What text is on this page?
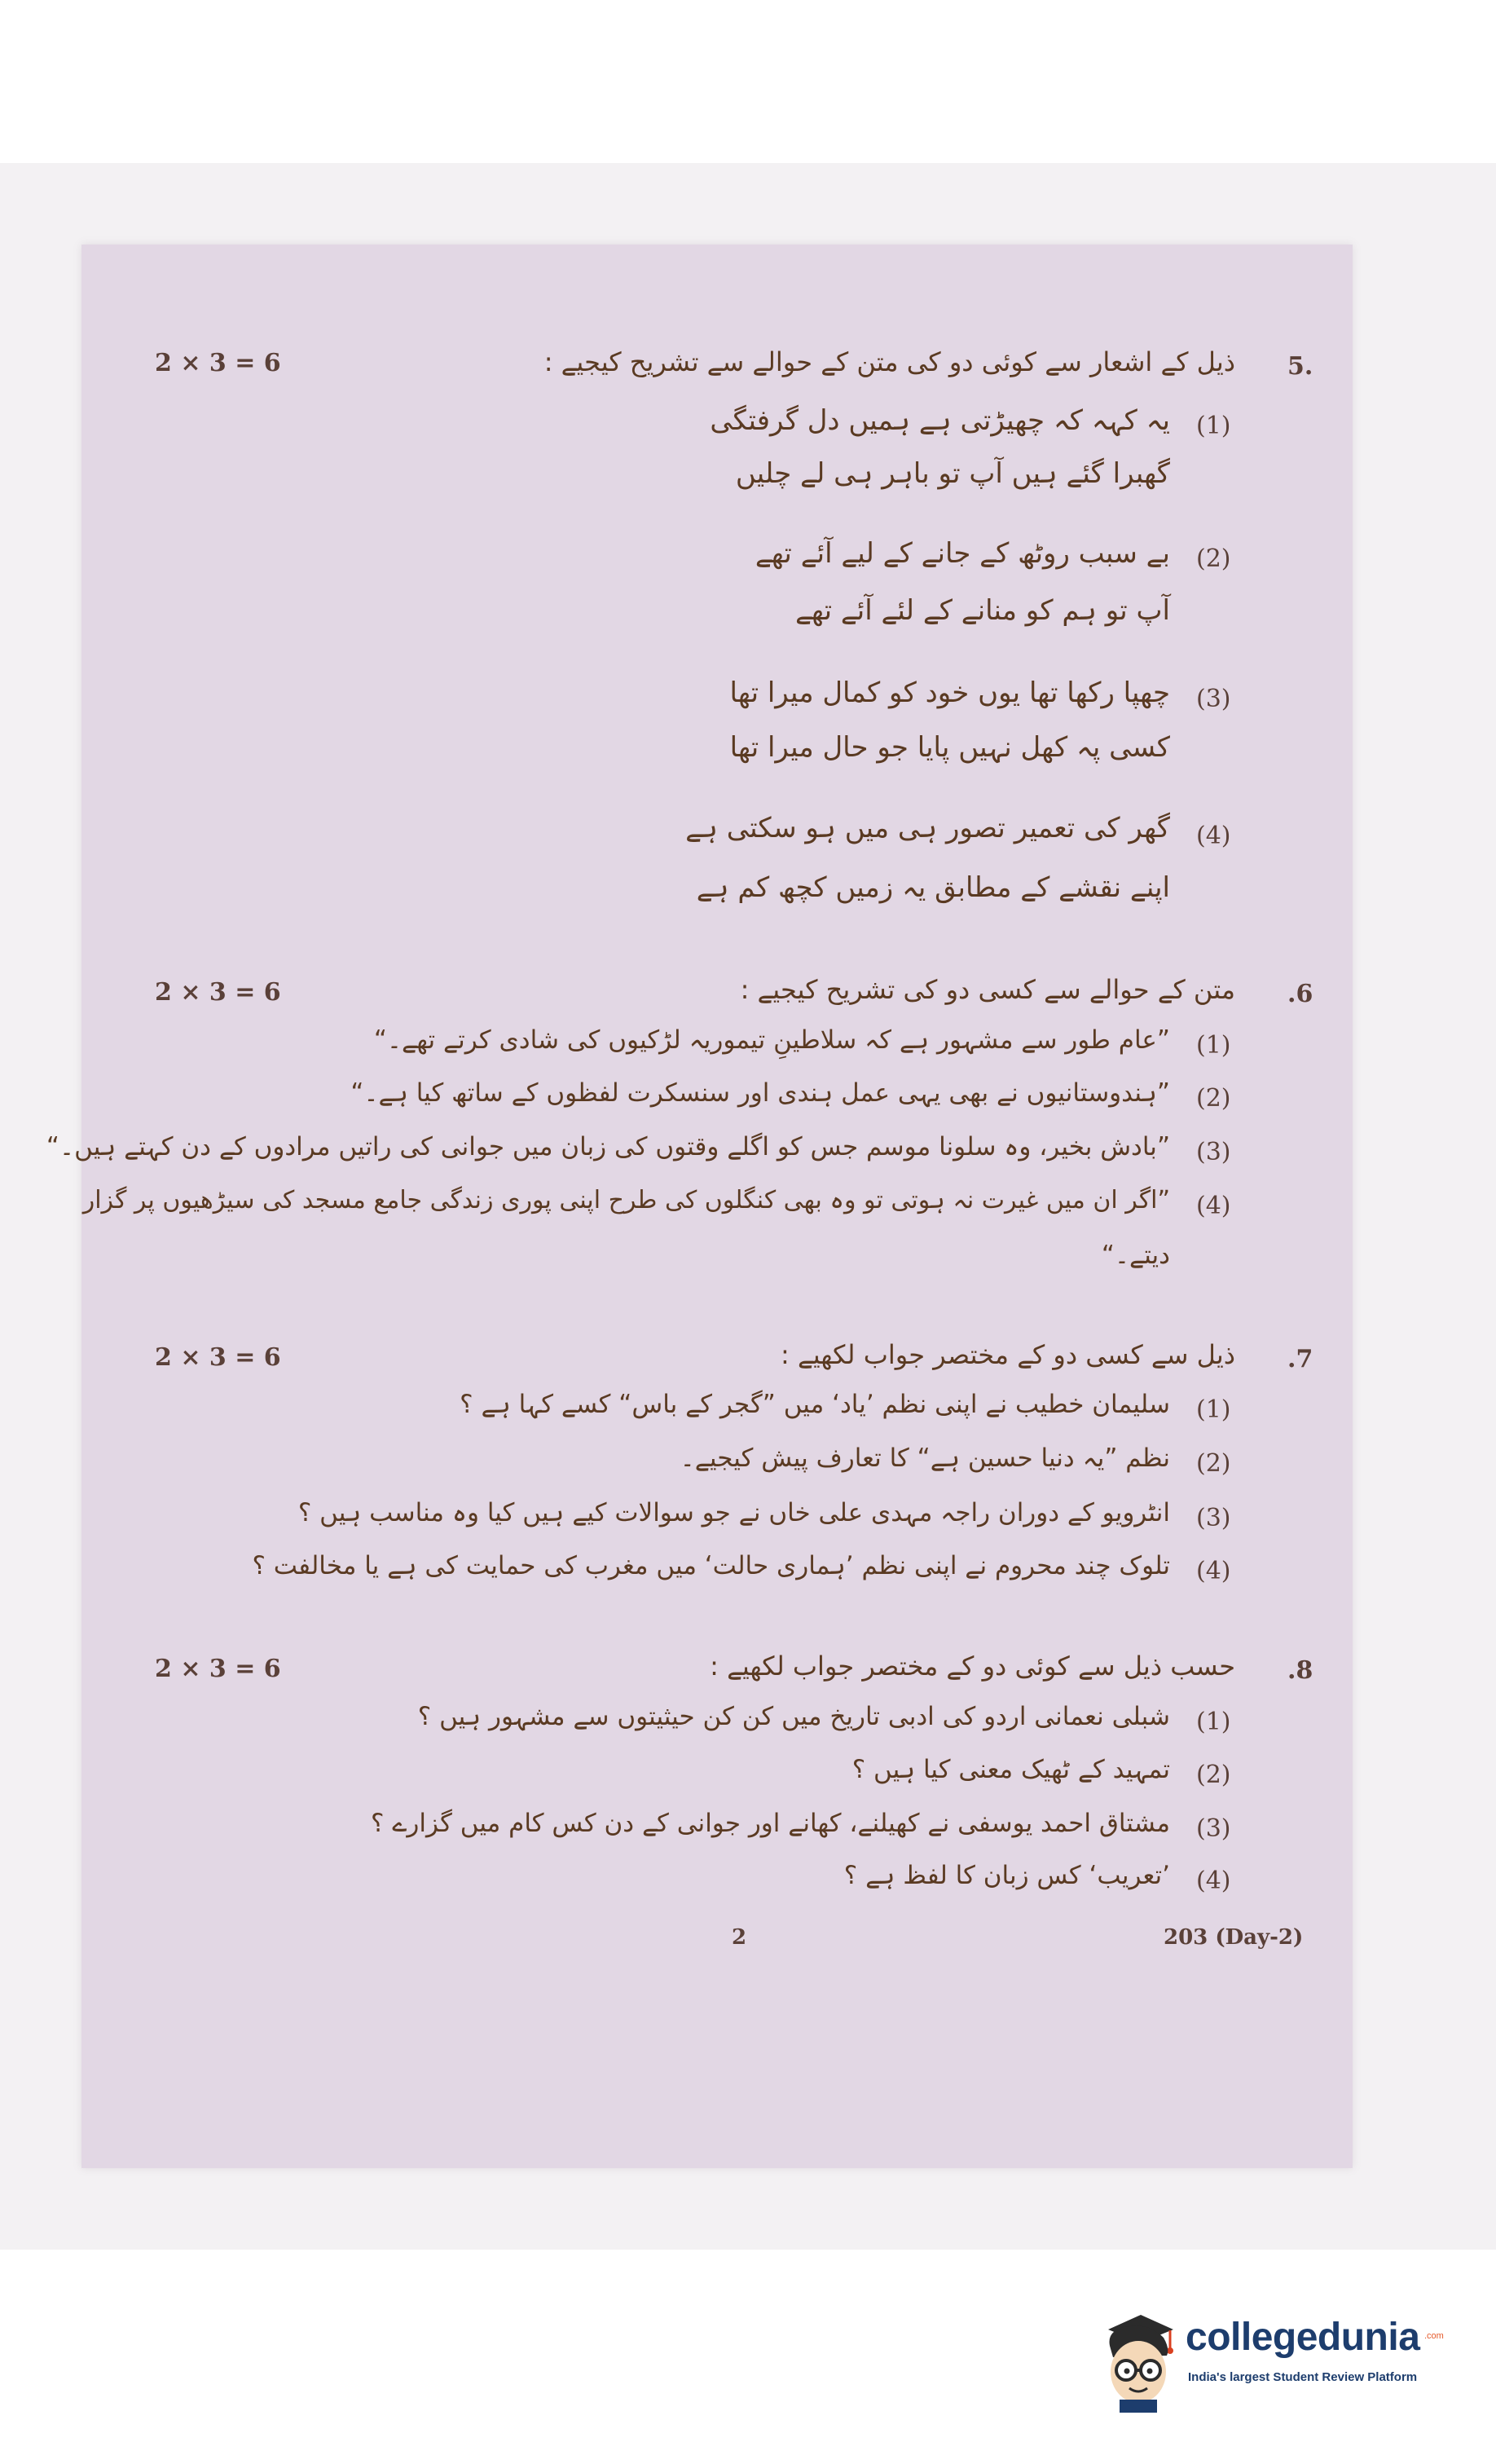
5.
2 × 3 = 6	ذیل کے اشعار سے کوئی دو کی متن کے حوالے سے تشریح کیجیے :
(1)
یہ کہہ کہ چھیڑتی ہے ہمیں دل گرفتگی
گھبرا گئے ہیں آپ تو باہر ہی لے چلیں
(2)
بے سبب روٹھ کے جانے کے لیے آئے تھے
آپ تو ہم کو منانے کے لئے آئے تھے
(3)
چھپا رکھا تھا یوں خود کو کمال میرا تھا
کسی پہ کھل نہیں پایا جو حال میرا تھا
(4)
گھر کی تعمیر تصور ہی میں ہو سکتی ہے
اپنے نقشے کے مطابق یہ زمیں کچھ کم ہے
.6
2 × 3 = 6	متن کے حوالے سے کسی دو کی تشریح کیجیے :
(1)
”عام طور سے مشہور ہے کہ سلاطینِ تیموریہ لڑکیوں کی شادی کرتے تھے۔“
(2)
”ہندوستانیوں نے بھی یہی عمل ہندی اور سنسکرت لفظوں کے ساتھ کیا ہے۔“
(3)
”بادش بخیر، وہ سلونا موسم جس کو اگلے وقتوں کی زبان میں جوانی کی راتیں مرادوں کے دن کہتے ہیں۔“
(4)
”اگر ان میں غیرت نہ ہوتی تو وہ بھی کنگلوں کی طرح اپنی پوری زندگی جامع مسجد کی سیڑھیوں پر گزار
دیتے۔“
.7
2 × 3 = 6	ذیل سے کسی دو کے مختصر جواب لکھیے :
(1)
سلیمان خطیب نے اپنی نظم ’یاد‘ میں ”گجر کے باس“ کسے کہا ہے ؟
(2)
نظم ”یہ دنیا حسین ہے“ کا تعارف پیش کیجیے۔
(3)
انٹرویو کے دوران راجہ مہدی علی خاں نے جو سوالات کیے ہیں کیا وہ مناسب ہیں ؟
(4)
تلوک چند محروم نے اپنی نظم ’ہماری حالت‘ میں مغرب کی حمایت کی ہے یا مخالفت ؟
.8
2 × 3 = 6	حسب ذیل سے کوئی دو کے مختصر جواب لکھیے :
(1)
شبلی نعمانی اردو کی ادبی تاریخ میں کن کن حیثیتوں سے مشہور ہیں ؟
(2)
تمہید کے ٹھیک معنی کیا ہیں ؟
(3)
مشتاق احمد یوسفی نے کھیلنے، کھانے اور جوانی کے دن کس کام میں گزارے ؟
(4)
’تعریب‘ کس زبان کا لفظ ہے ؟
2	203 (Day-2)
collegedunia .com
India's largest Student Review Platform
